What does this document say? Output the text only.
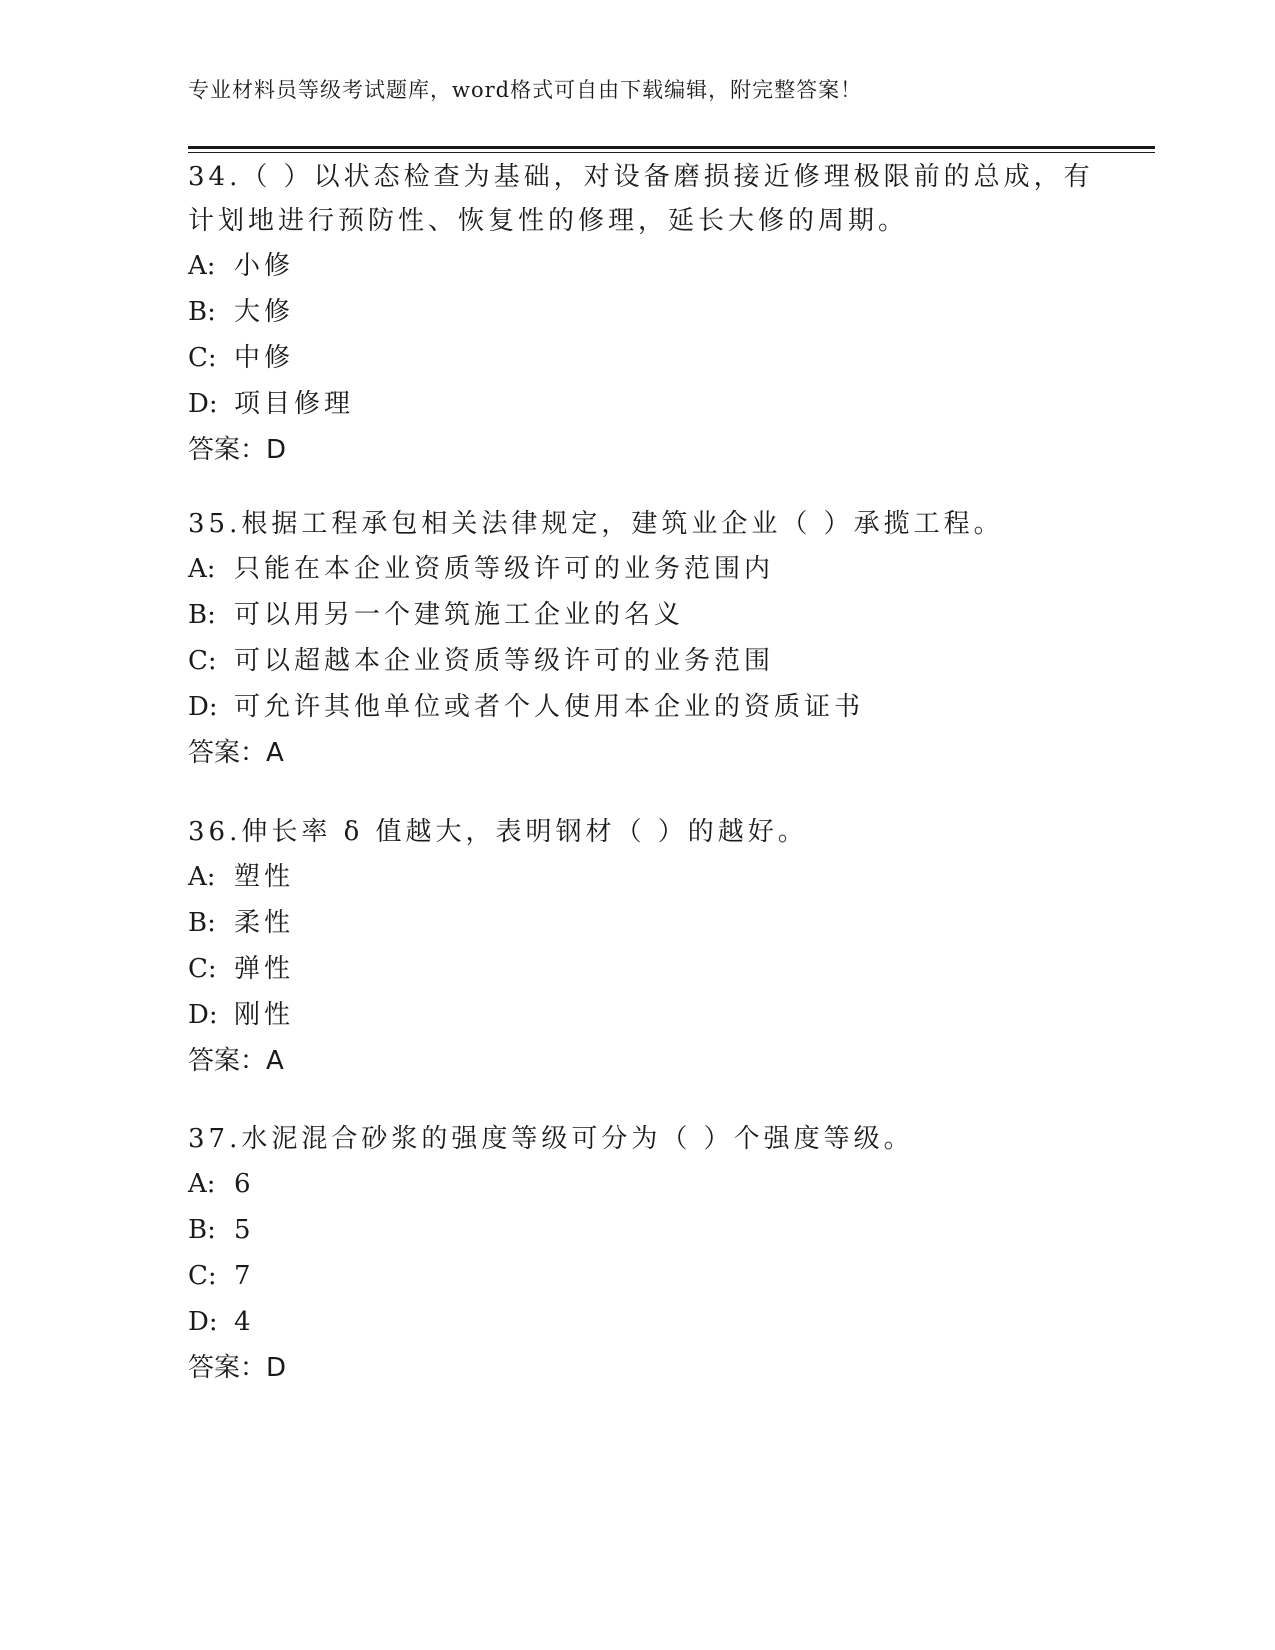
专业材料员等级考试题库，word格式可自由下载编辑，附完整答案！
34.（ ）以状态检查为基础，对设备磨损接近修理极限前的总成，有
计划地进行预防性、恢复性的修理，延长大修的周期。
A: 小修
B: 大修
C: 中修
D: 项目修理
答案：D
35.根据工程承包相关法律规定，建筑业企业（ ）承揽工程。
A: 只能在本企业资质等级许可的业务范围内
B: 可以用另一个建筑施工企业的名义
C: 可以超越本企业资质等级许可的业务范围
D: 可允许其他单位或者个人使用本企业的资质证书
答案：A
36.伸长率 δ 值越大，表明钢材（ ）的越好。
A: 塑性
B: 柔性
C: 弹性
D: 刚性
答案：A
37.水泥混合砂浆的强度等级可分为（ ）个强度等级。
A: 6
B: 5
C: 7
D: 4
答案：D
